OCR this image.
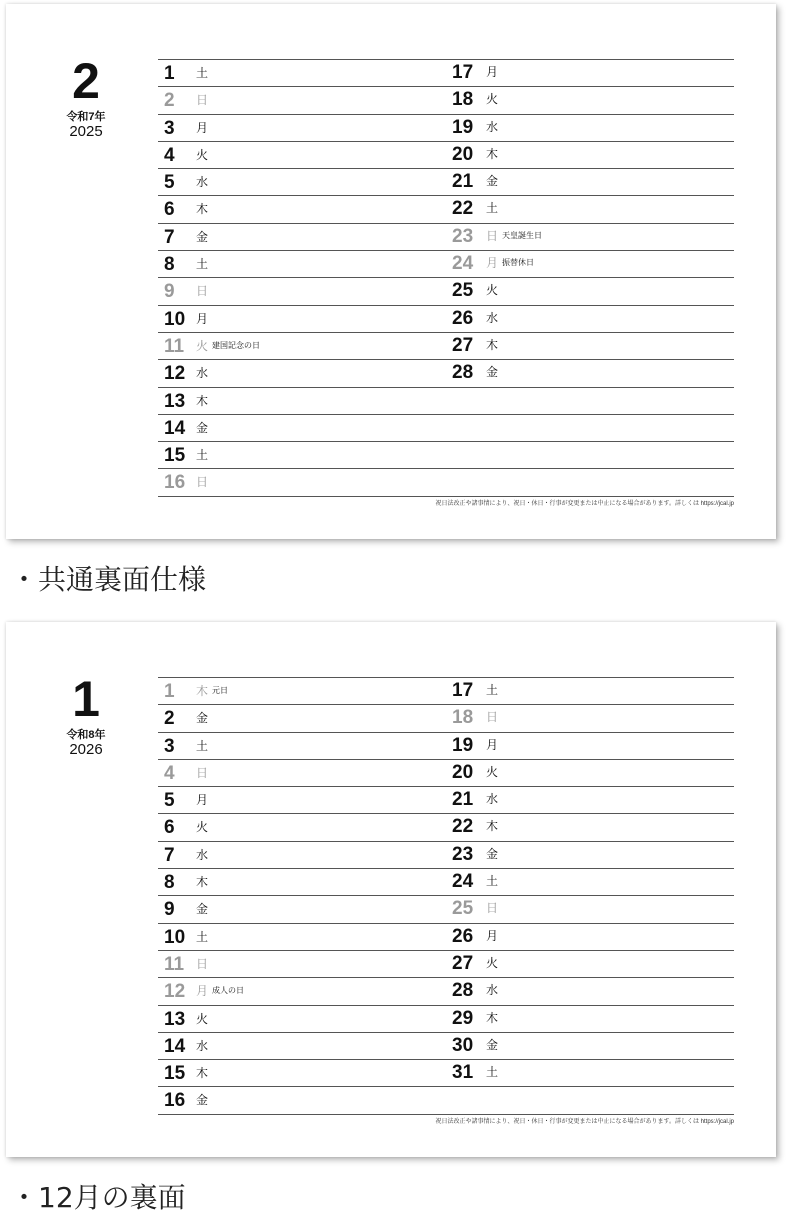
2
令和7年
2025
1 土
2 日
3 月
4 火
5 水
6 木
7 金
8 土
9 日
10 月
11 火 建国記念の日
12 水
13 木
14 金
15 土
16 日
17 月
18 火
19 水
20 木
21 金
22 土
23 日 天皇誕生日
24 月 振替休日
25 火
26 水
27 木
28 金
祝日法改正や諸事情により、祝日・休日・行事が変更または中止になる場合があります。詳しくは https://jcal.jp
・共通裏面仕様
1
令和8年
2026
1 木 元日
2 金
3 土
4 日
5 月
6 火
7 水
8 木
9 金
10 土
11 日
12 月 成人の日
13 火
14 水
15 木
16 金
17 土
18 日
19 月
20 火
21 水
22 木
23 金
24 土
25 日
26 月
27 火
28 水
29 木
30 金
31 土
祝日法改正や諸事情により、祝日・休日・行事が変更または中止になる場合があります。詳しくは https://jcal.jp
・12月の裏面
